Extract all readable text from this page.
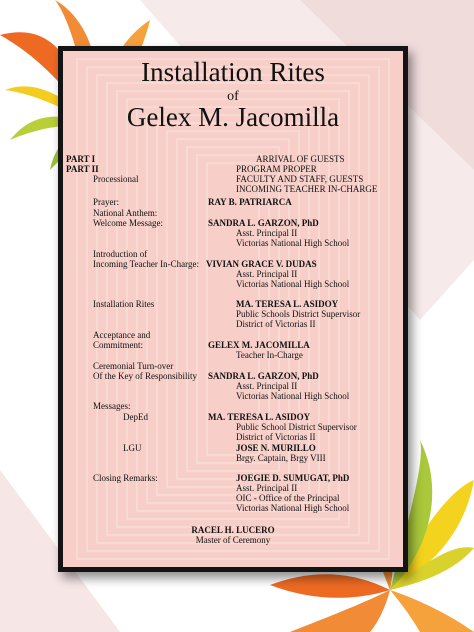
Installation Rites
of
Gelex M. Jacomilla
PART I	ARRIVAL OF GUESTS
PART II	PROGRAM PROPER
Processional	FACULTY AND STAFF, GUESTS
INCOMING TEACHER IN-CHARGE
Prayer:	RAY B. PATRIARCA
National Anthem:
Welcome Message:	SANDRA L. GARZON, PhD
Asst. Principal II
Victorias National High School
Introduction of
Incoming Teacher In-Charge: VIVIAN GRACE V. DUDAS
Asst. Principal II
Victorias National High School
Installation Rites	MA. TERESA L. ASIDOY
Public Schools District Supervisor
District of Victorias II
Acceptance and
Commitment:	GELEX M. JACOMILLA
Teacher In-Charge
Ceremonial Turn-over
Of the Key of Responsibility SANDRA L. GARZON, PhD
Asst. Principal II
Victorias National High School
Messages:
DepEd	MA. TERESA L. ASIDOY
Public School District Supervisor
District of Victorias II
LGU	JOSE N. MURILLO
Brgy. Captain, Brgy VIII
Closing Remarks:	JOEGIE D. SUMUGAT, PhD
Asst. Principal II
OIC - Office of the Principal
Victorias National High School
RACEL H. LUCERO
Master of Ceremony
